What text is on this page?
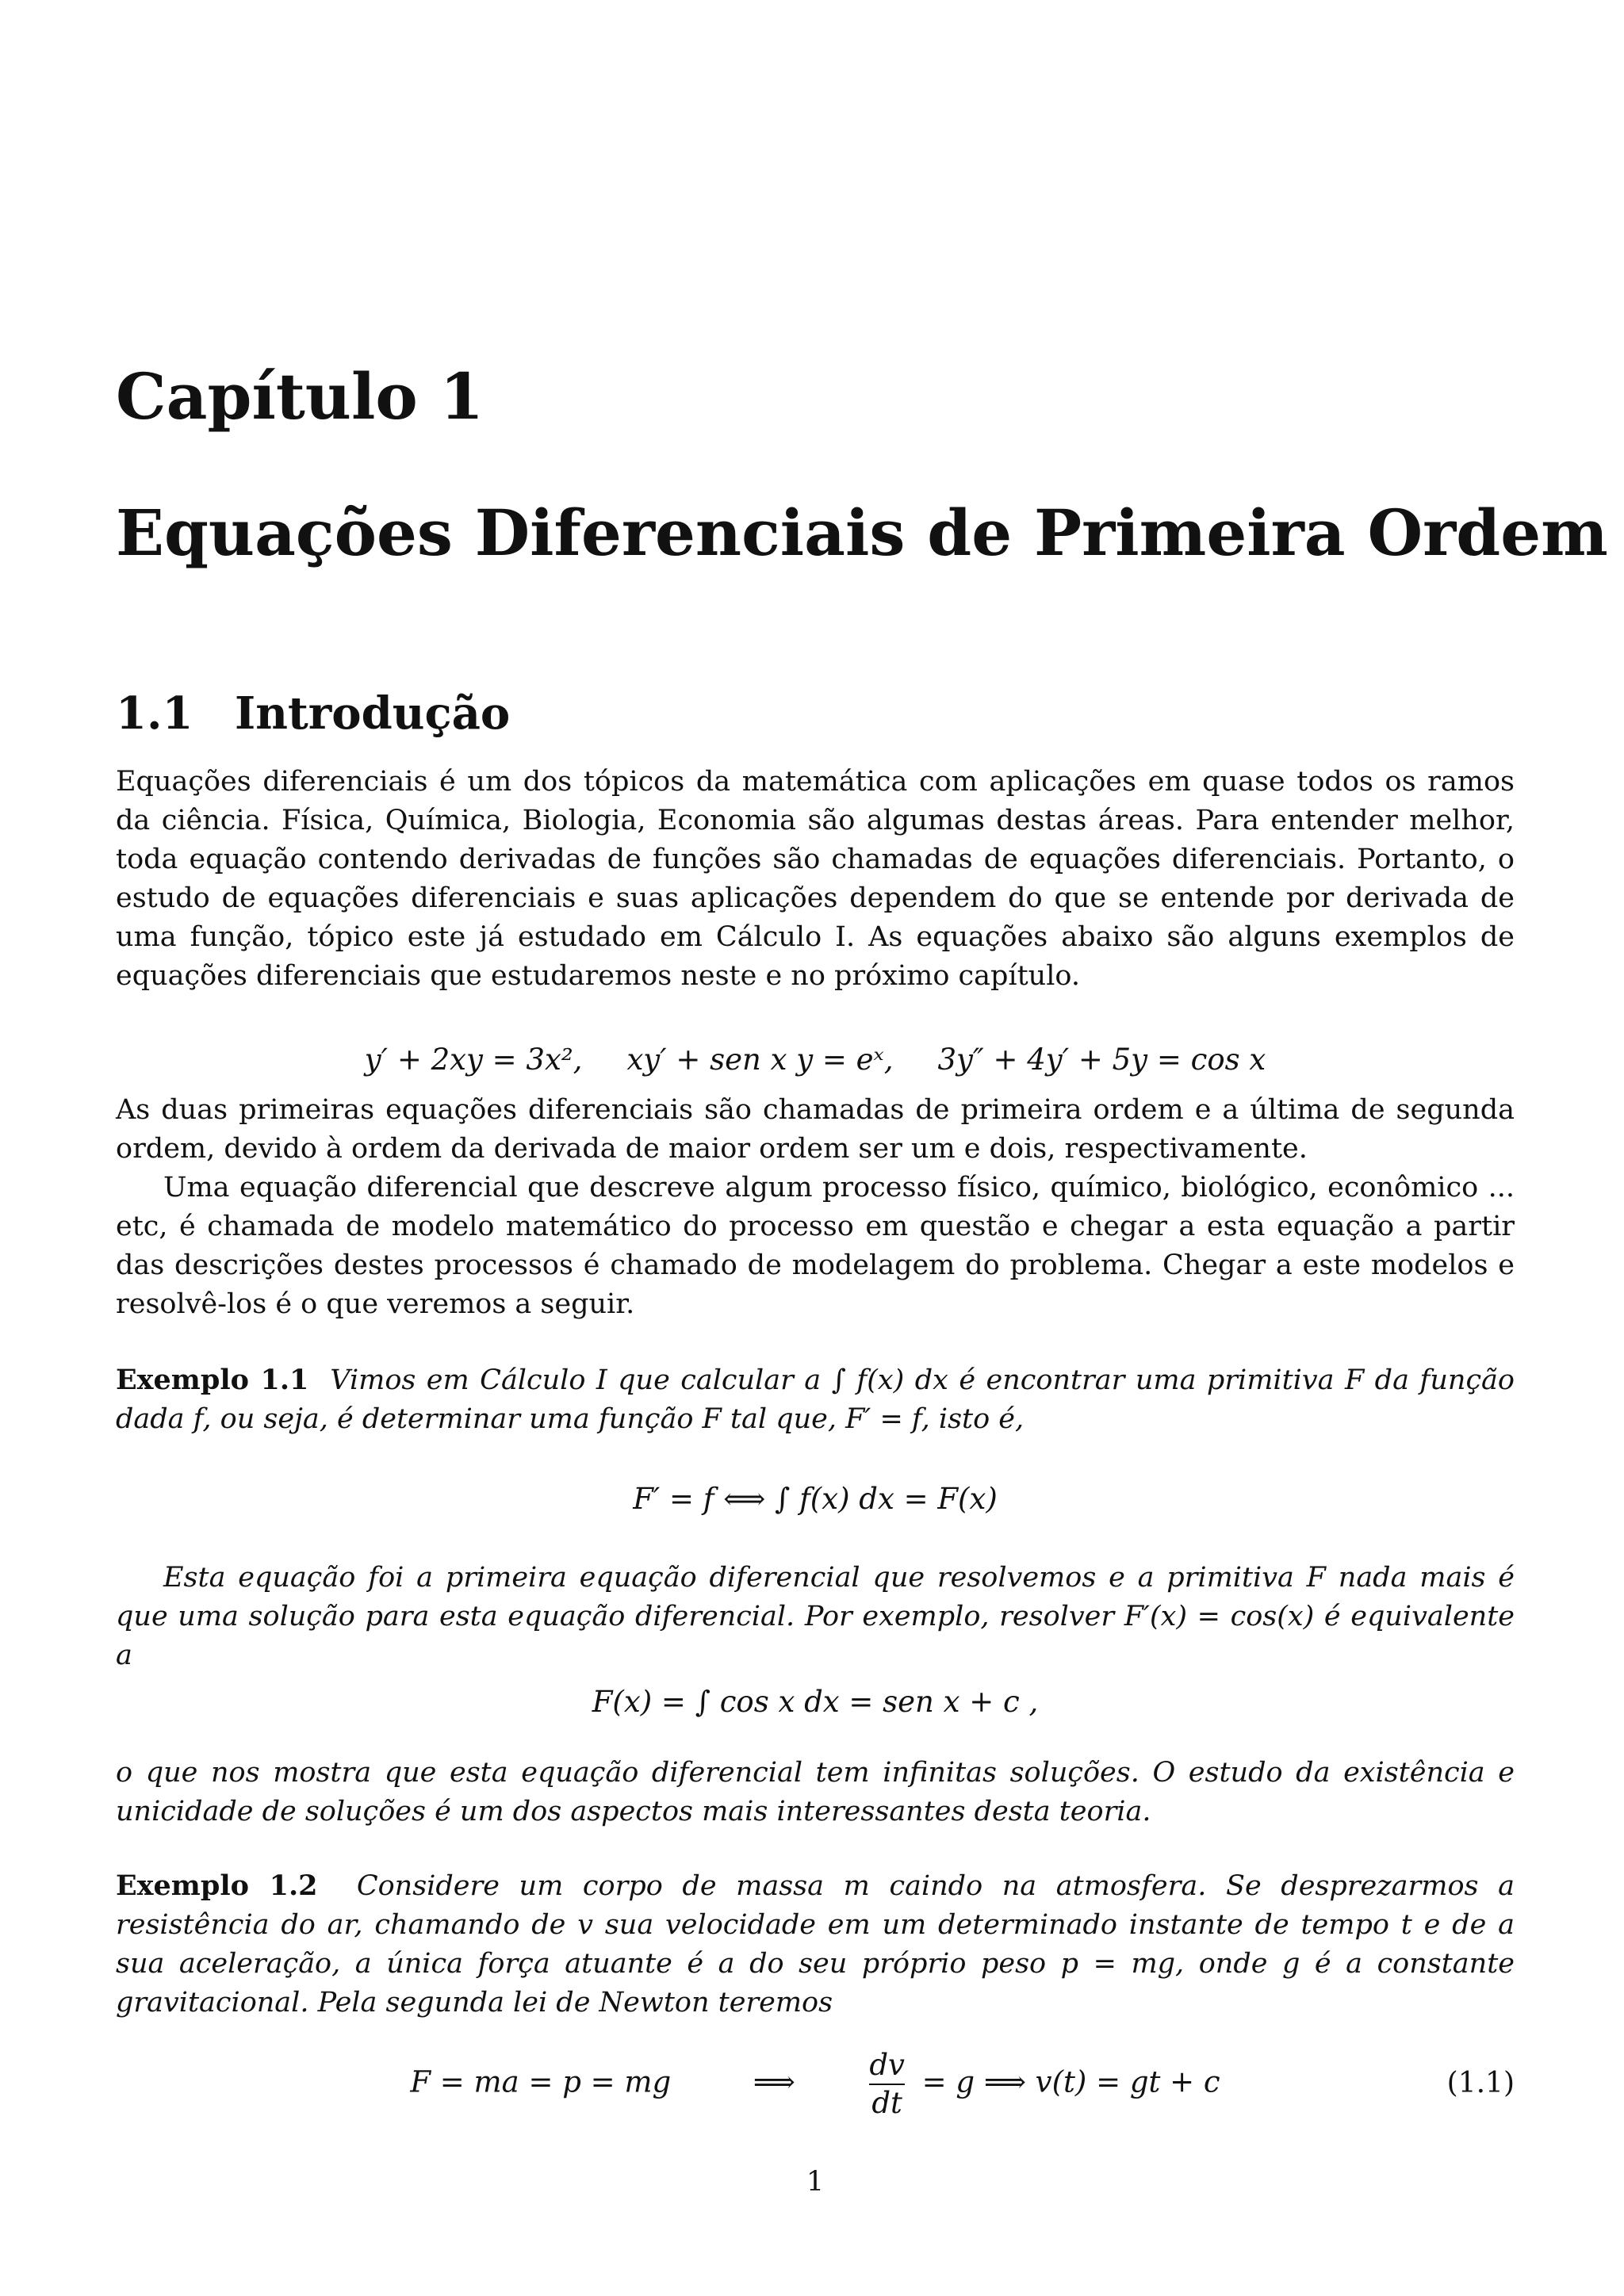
Capítulo 1
Equações Diferenciais de Primeira Ordem
1.1 Introdução

Equações diferenciais é um dos tópicos da matemática com aplicações em quase todos os ramos da ciência. Física, Química, Biologia, Economia são algumas destas áreas. Para entender melhor, toda equação contendo derivadas de funções são chamadas de equações diferenciais. Portanto, o estudo de equações diferenciais e suas aplicações dependem do que se entende por derivada de uma função, tópico este já estudado em Cálculo I. As equações abaixo são alguns exemplos de equações diferenciais que estudaremos neste e no próximo capítulo.

y′ + 2xy = 3x², xy′ + sen x y = eˣ, 3y″ + 4y′ + 5y = cos x

As duas primeiras equações diferenciais são chamadas de primeira ordem e a última de segunda ordem, devido à ordem da derivada de maior ordem ser um e dois, respectivamente.

Uma equação diferencial que descreve algum processo físico, químico, biológico, econômico ... etc, é chamada de modelo matemático do processo em questão e chegar a esta equação a partir das descrições destes processos é chamado de modelagem do problema. Chegar a este modelos e resolvê-los é o que veremos a seguir.

Exemplo 1.1 Vimos em Cálculo I que calcular a ∫ f(x) dx é encontrar uma primitiva F da função dada f, ou seja, é determinar uma função F tal que, F′ = f, isto é,

F′ = f ⟺ ∫ f(x) dx = F(x)

Esta equação foi a primeira equação diferencial que resolvemos e a primitiva F nada mais é que uma solução para esta equação diferencial. Por exemplo, resolver F′(x) = cos(x) é equivalente a

F(x) = ∫ cos x dx = sen x + c ,

o que nos mostra que esta equação diferencial tem infinitas soluções. O estudo da existência e unicidade de soluções é um dos aspectos mais interessantes desta teoria.

Exemplo 1.2 Considere um corpo de massa m caindo na atmosfera. Se desprezarmos a resistência do ar, chamando de v sua velocidade em um determinado instante de tempo t e de a sua aceleração, a única força atuante é a do seu próprio peso p = mg, onde g é a constante gravitacional. Pela segunda lei de Newton teremos

F = ma = p = mg	⟹	$\frac{dv}{dt} = g$ ⟹ v(t) = gt + c	(1.1)
1
